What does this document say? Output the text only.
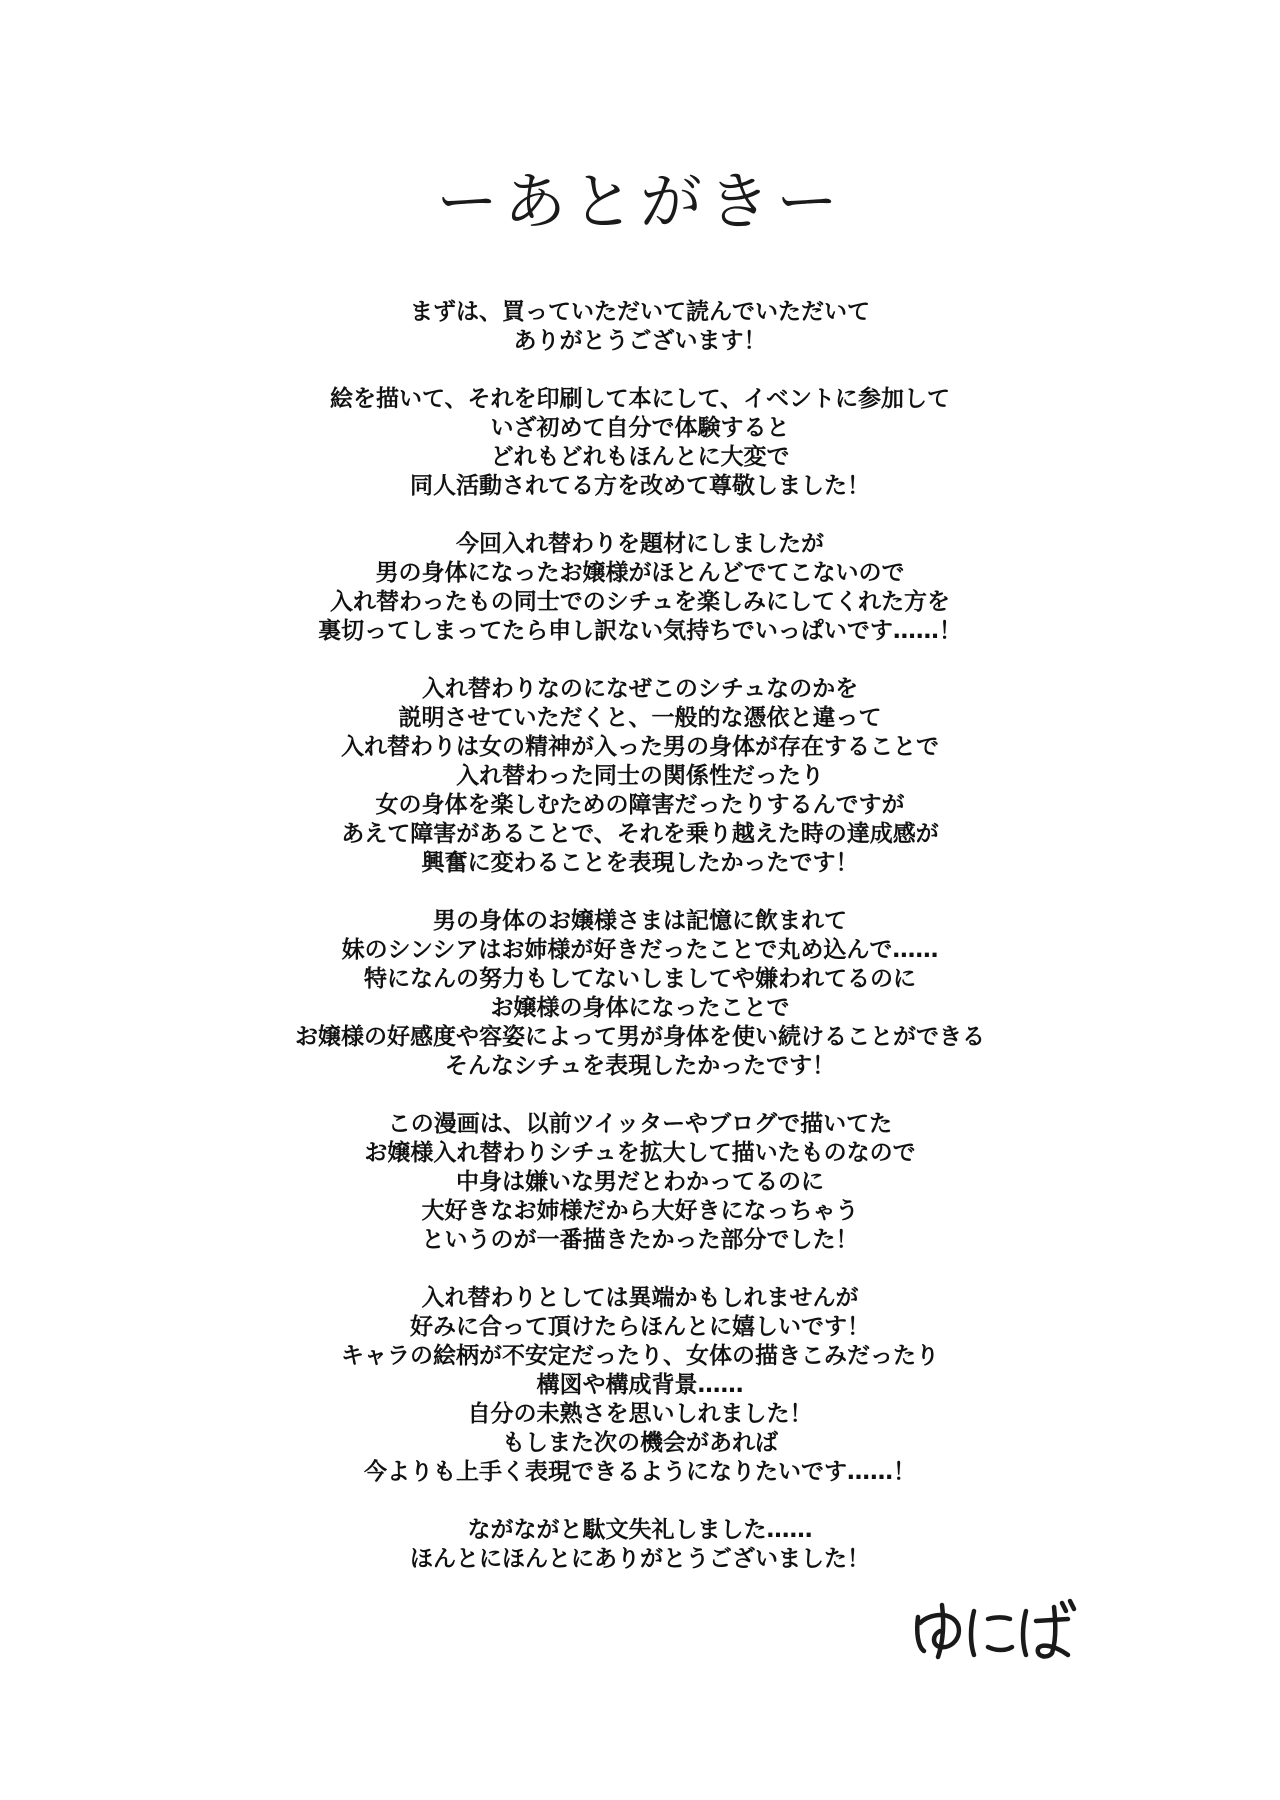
ーあとがきー
まずは、買っていただいて読んでいただいて
ありがとうございます！
絵を描いて、それを印刷して本にして、イベントに参加して
いざ初めて自分で体験すると
どれもどれもほんとに大変で
同人活動されてる方を改めて尊敬しました！
今回入れ替わりを題材にしましたが
男の身体になったお嬢様がほとんどでてこないので
入れ替わったもの同士でのシチュを楽しみにしてくれた方を
裏切ってしまってたら申し訳ない気持ちでいっぱいです……！
入れ替わりなのになぜこのシチュなのかを
説明させていただくと、一般的な憑依と違って
入れ替わりは女の精神が入った男の身体が存在することで
入れ替わった同士の関係性だったり
女の身体を楽しむための障害だったりするんですが
あえて障害があることで、それを乗り越えた時の達成感が
興奮に変わることを表現したかったです！
男の身体のお嬢様さまは記憶に飲まれて
妹のシンシアはお姉様が好きだったことで丸め込んで……
特になんの努力もしてないしましてや嫌われてるのに
お嬢様の身体になったことで
お嬢様の好感度や容姿によって男が身体を使い続けることができる
そんなシチュを表現したかったです！
この漫画は、以前ツイッターやブログで描いてた
お嬢様入れ替わりシチュを拡大して描いたものなので
中身は嫌いな男だとわかってるのに
大好きなお姉様だから大好きになっちゃう
というのが一番描きたかった部分でした！
入れ替わりとしては異端かもしれませんが
好みに合って頂けたらほんとに嬉しいです！
キャラの絵柄が不安定だったり、女体の描きこみだったり
構図や構成背景……
自分の未熟さを思いしれました！
もしまた次の機会があれば
今よりも上手く表現できるようになりたいです……！
ながながと駄文失礼しました……
ほんとにほんとにありがとうございました！
